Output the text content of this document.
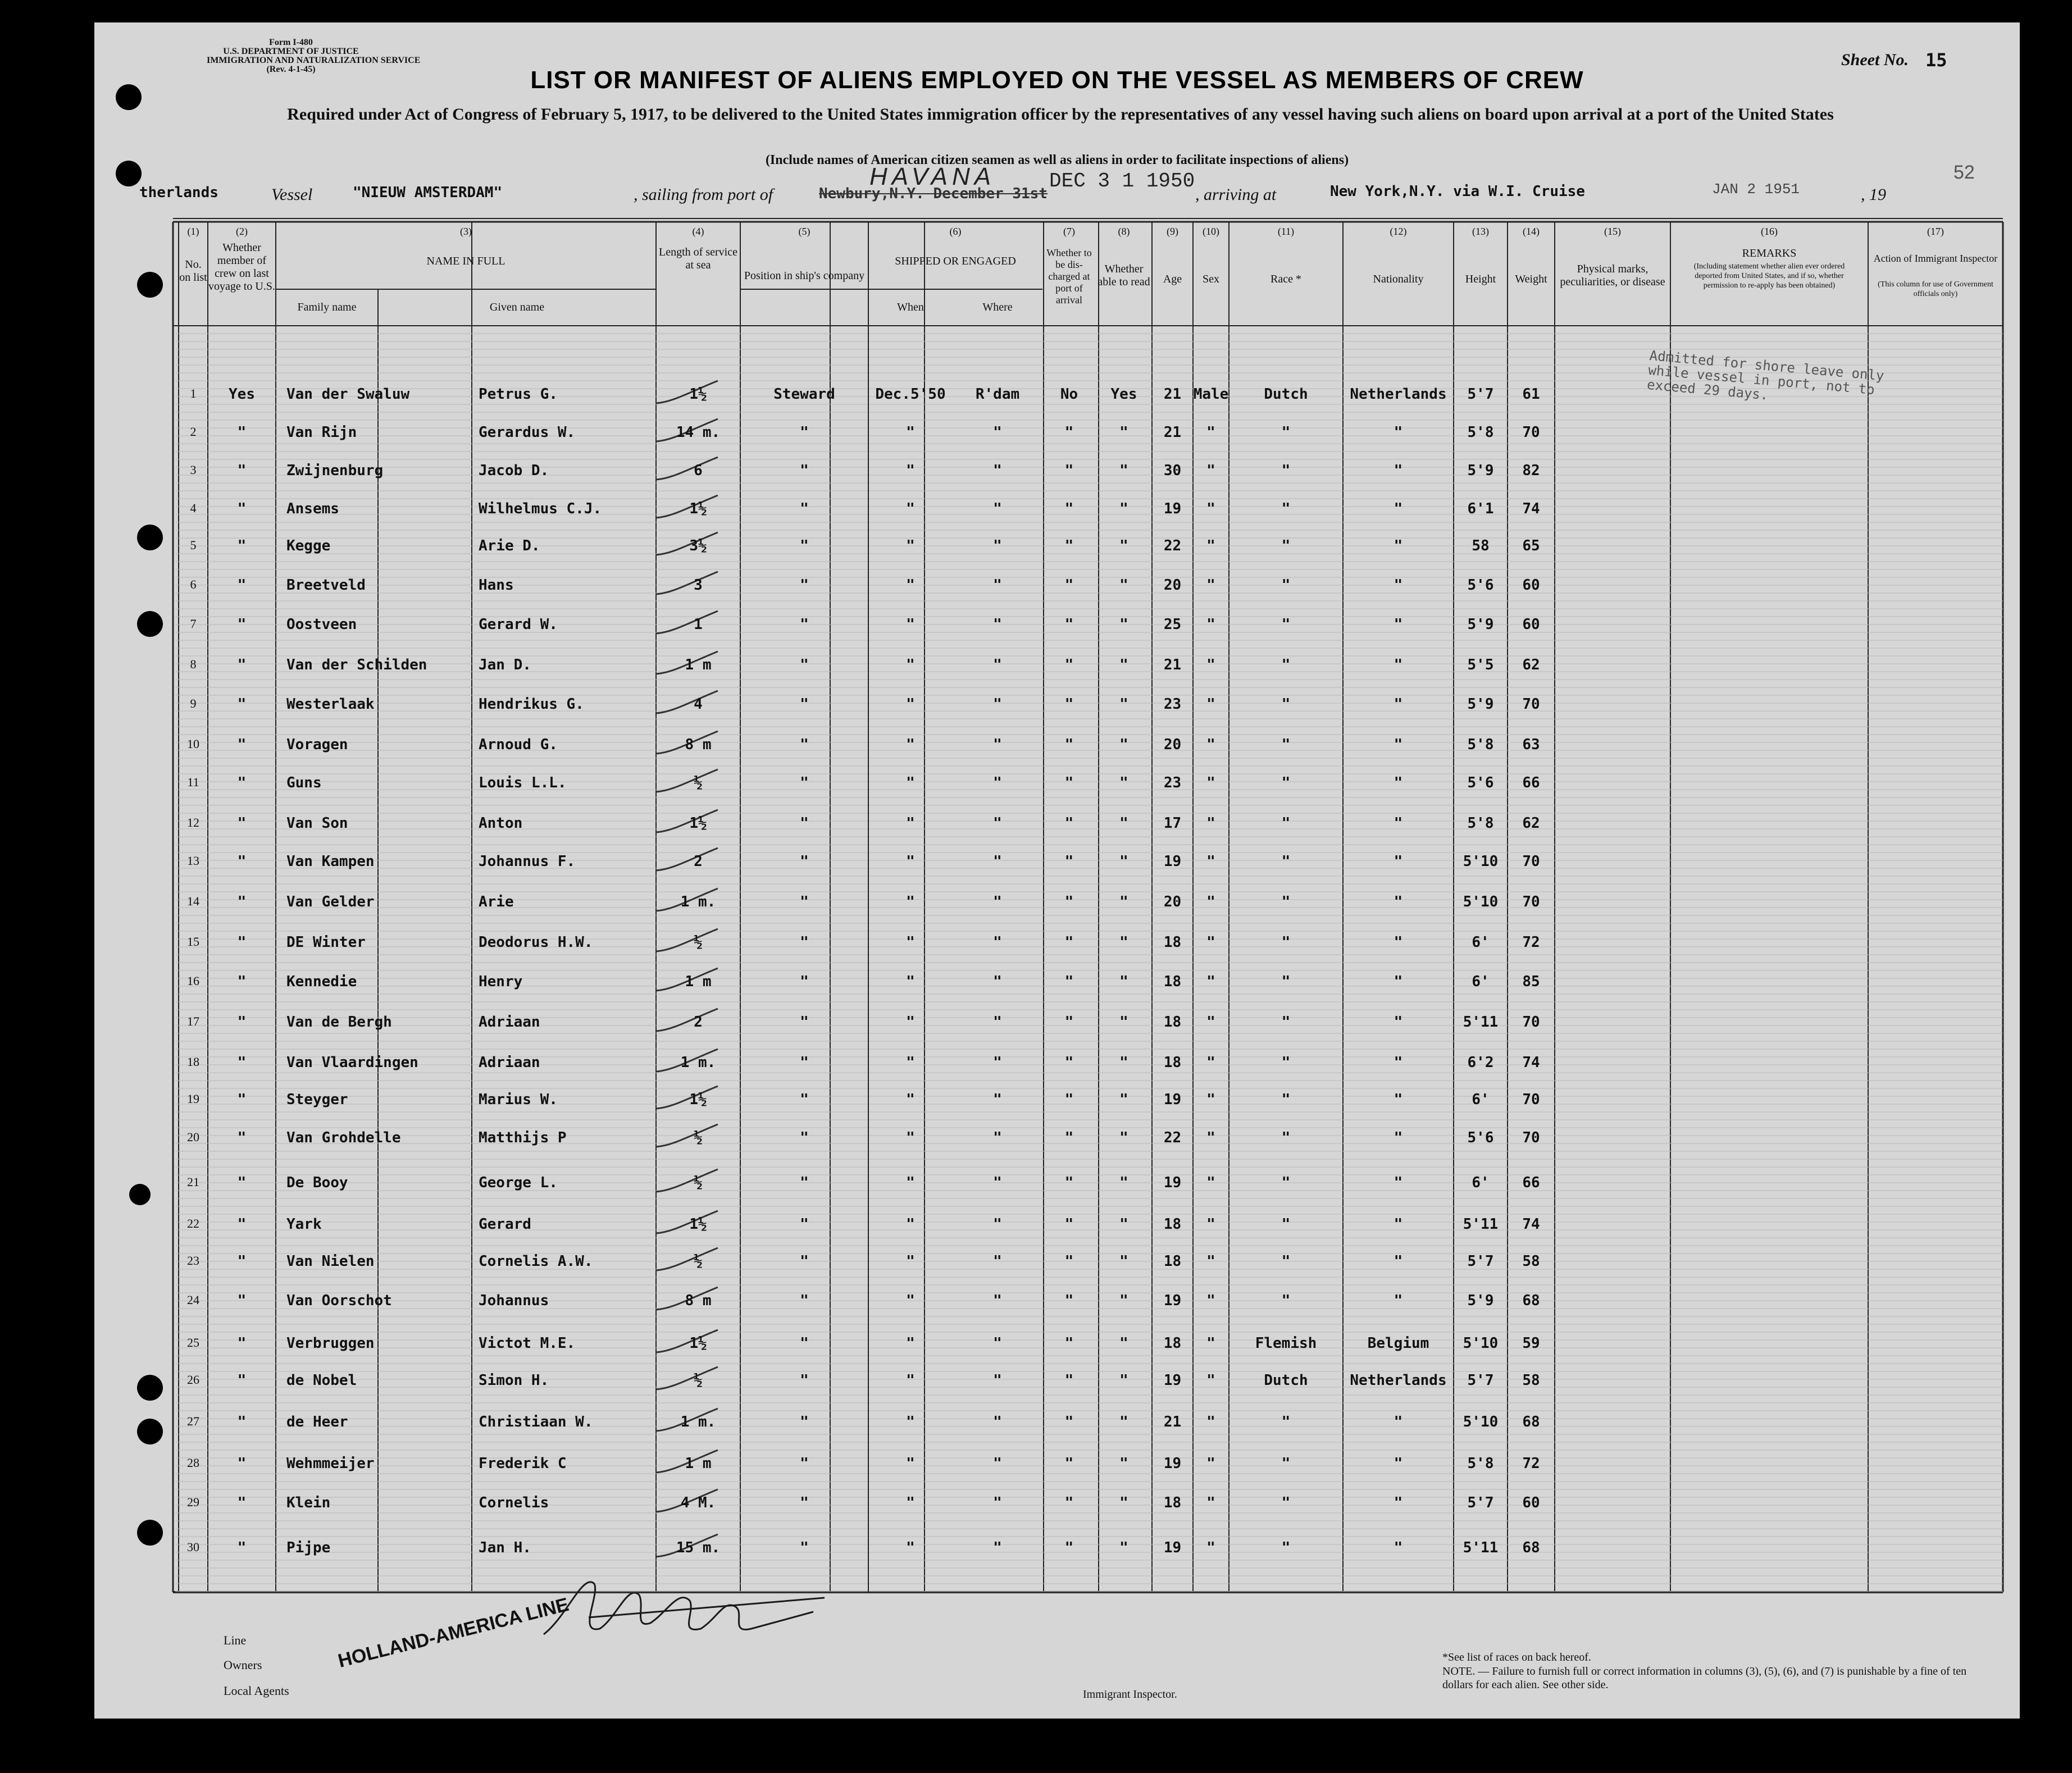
Form I-480
U.S. DEPARTMENT OF JUSTICE
IMMIGRATION AND NATURALIZATION SERVICE
(Rev. 4-1-45)
Sheet No. 15
LIST OR MANIFEST OF ALIENS EMPLOYED ON THE VESSEL AS MEMBERS OF CREW
Required under Act of Congress of February 5, 1917, to be delivered to the United States immigration officer by the representatives of any vessel having such aliens on board upon arrival at a port of the United States
(Include names of American citizen seamen as well as aliens in order to facilitate inspections of aliens)
therlands	Vessel	"NIEUW AMSTERDAM"	, sailing from port of	Newbury,N.Y. December 31st
HAVANA	DEC 3 1 1950
, arriving at	New York,N.Y. via W.I. Cruise	JAN 2 1951	, 19
52
(1)	(2)	(3)	(4)	(5)	(6)	(7)	(8)	(9)	(10)	(11)	(12)	(13)	(14)	(15)	(16)	(17)
No. on list
Whether member of crew on last voyage to U.S.
NAME IN FULL
Family name	Given name
Length of service at sea
Position in ship's company
SHIPPED OR ENGAGED
When	Where
Whether to be dis-charged at port of arrival
Whether able to read	Age	Sex	Race *	Nationality	Height	Weight
Physical marks, peculiarities, or disease
REMARKS
(Including statement whether alien ever ordered deported from United States, and if so, whether permission to re-apply has been obtained)
Action of Immigrant Inspector
(This column for use of Government officials only)
1	Yes	Van der Swaluw	Petrus G.	1½	Steward	Dec.5'50	R'dam	No	Yes	21 Male	Dutch	Netherlands	5'7	61
2	"	Van Rijn	Gerardus W.	14 m.	"	"	"	"	"	21	"	"	"	5'8	70
3	"	Zwijnenburg	Jacob D.	6	"	"	"	"	"	30	"	"	"	5'9	82
4	"	Ansems	Wilhelmus C.J.	1½	"	"	"	"	"	19	"	"	"	6'1	74
5	"	Kegge	Arie D.	3½	"	"	"	"	"	22	"	"	"	58	65
6	"	Breetveld	Hans	3	"	"	"	"	"	20	"	"	"	5'6	60
7	"	Oostveen	Gerard W.	1	"	"	"	"	"	25	"	"	"	5'9	60
8	"	Van der Schilden	Jan D.	1 m	"	"	"	"	"	21	"	"	"	5'5	62
9	"	Westerlaak	Hendrikus G.	4	"	"	"	"	"	23	"	"	"	5'9	70
10	"	Voragen	Arnoud G.	8 m	"	"	"	"	"	20	"	"	"	5'8	63
11	"	Guns	Louis L.L.	½	"	"	"	"	"	23	"	"	"	5'6	66
12	"	Van Son	Anton	1½	"	"	"	"	"	17	"	"	"	5'8	62
13	"	Van Kampen	Johannus F.	2	"	"	"	"	"	19	"	"	"	5'10	70
14	"	Van Gelder	Arie	1 m.	"	"	"	"	"	20	"	"	"	5'10	70
15	"	DE Winter	Deodorus H.W.	½	"	"	"	"	"	18	"	"	"	6'	72
16	"	Kennedie	Henry	1 m	"	"	"	"	"	18	"	"	"	6'	85
17	"	Van de Bergh	Adriaan	2	"	"	"	"	"	18	"	"	"	5'11	70
18	"	Van Vlaardingen	Adriaan	1 m.	"	"	"	"	"	18	"	"	"	6'2	74
19	"	Steyger	Marius W.	1½	"	"	"	"	"	19	"	"	"	6'	70
20	"	Van Grohdelle	Matthijs P	½	"	"	"	"	"	22	"	"	"	5'6	70
21	"	De Booy	George L.	½	"	"	"	"	"	19	"	"	"	6'	66
22	"	Yark	Gerard	1½	"	"	"	"	"	18	"	"	"	5'11	74
23	"	Van Nielen	Cornelis A.W.	½	"	"	"	"	"	18	"	"	"	5'7	58
24	"	Van Oorschot	Johannus	8 m	"	"	"	"	"	19	"	"	"	5'9	68
25	"	Verbruggen	Victot M.E.	1½	"	"	"	"	"	18	"	Flemish	Belgium	5'10	59
26	"	de Nobel	Simon H.	½	"	"	"	"	"	19	"	Dutch	Netherlands	5'7	58
27	"	de Heer	Christiaan W.	1 m.	"	"	"	"	"	21	"	"	"	5'10	68
28	"	Wehmmeijer	Frederik C	1 m	"	"	"	"	"	19	"	"	"	5'8	72
29	"	Klein	Cornelis	4 M.	"	"	"	"	"	18	"	"	"	5'7	60
30	"	Pijpe	Jan H.	15 m.	"	"	"	"	"	19	"	"	"	5'11	68
Admitted for shore leave only while vessel in port, not to exceed 29 days.
Line
Owners
Local Agents
HOLLAND-AMERICA LINE
Immigrant Inspector.
*See list of races on back hereof.
NOTE. — Failure to furnish full or correct information in columns (3), (5), (6), and (7) is punishable by a fine of ten dollars for each alien. See other side.
